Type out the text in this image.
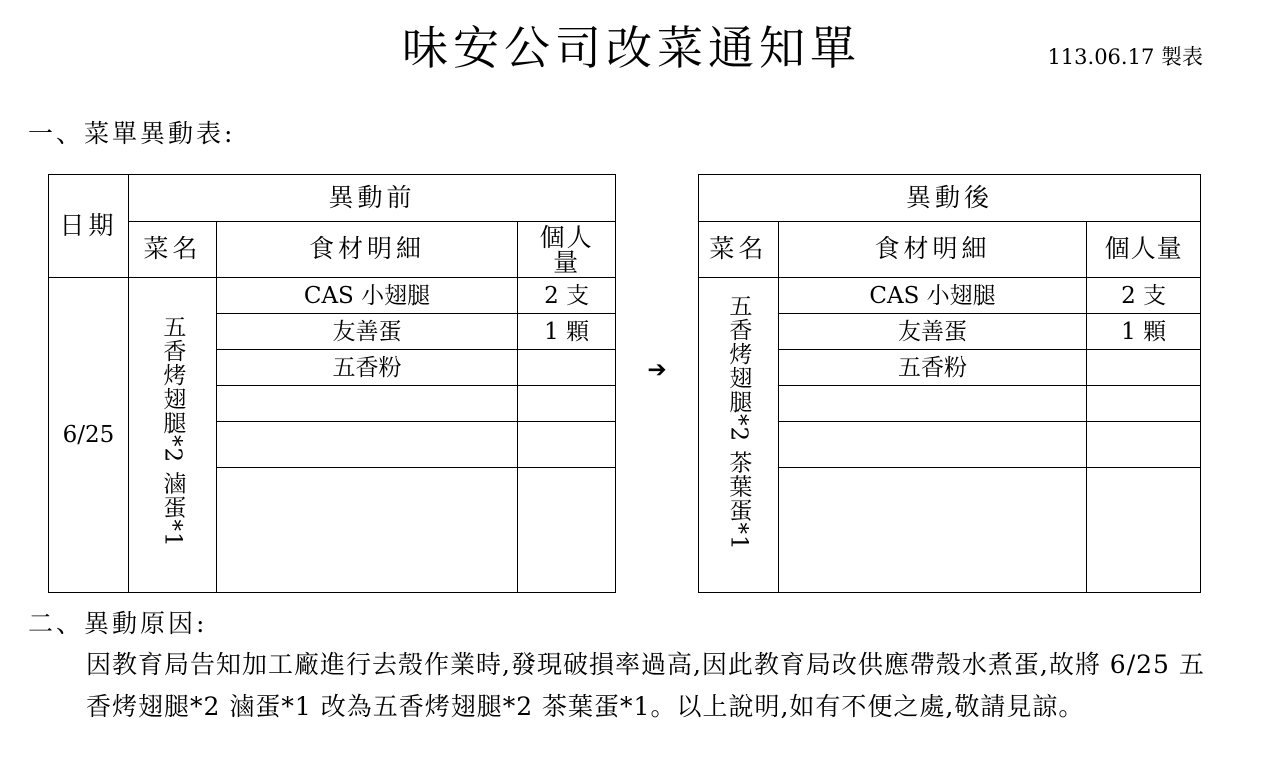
味安公司改菜通知單	113.06.17 製表
一、菜單異動表:
日期	異動前			➔
	菜名	食材明細	個人量	

6/25	五香烤翅腿*2 滷蛋*1	CAS 小翅腿	2 支	
		友善蛋	1 顆	
		五香粉		

異動後		
菜名	食材明細	個人量
五香烤翅腿*2 茶葉蛋*1	CAS 小翅腿	2 支
	友善蛋	1 顆
	五香粉	

二、異動原因:
因教育局告知加工廠進行去殼作業時,發現破損率過高,因此教育局改供應帶殼水煮蛋,故將 6/25 五香烤翅腿*2 滷蛋*1 改為五香烤翅腿*2 茶葉蛋*1。以上說明,如有不便之處,敬請見諒。
